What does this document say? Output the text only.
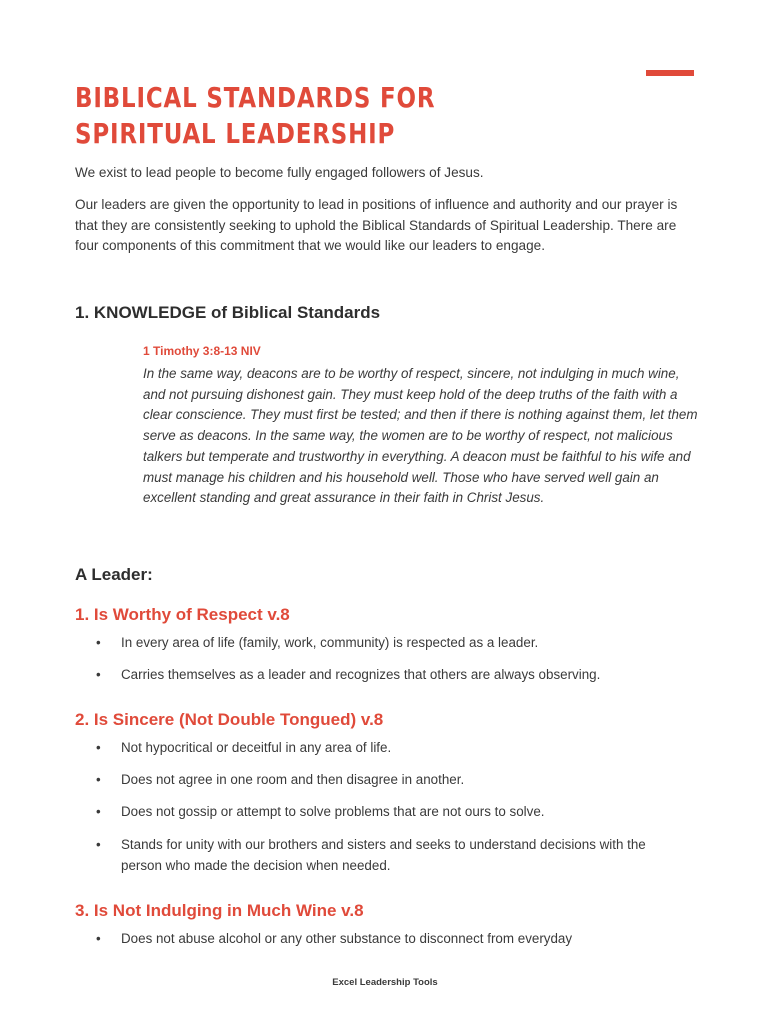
BIBLICAL STANDARDS FOR
SPIRITUAL LEADERSHIP

We exist to lead people to become fully engaged followers of Jesus.

Our leaders are given the opportunity to lead in positions of influence and authority and our prayer is that they are consistently seeking to uphold the Biblical Standards of Spiritual Leadership. There are four components of this commitment that we would like our leaders to engage.

1. KNOWLEDGE of Biblical Standards

1 Timothy 3:8-13 NIV

In the same way, deacons are to be worthy of respect, sincere, not indulging in much wine, and not pursuing dishonest gain. They must keep hold of the deep truths of the faith with a clear conscience. They must first be tested; and then if there is nothing against them, let them serve as deacons. In the same way, the women are to be worthy of respect, not malicious talkers but temperate and trustworthy in everything. A deacon must be faithful to his wife and must manage his children and his household well. Those who have served well gain an excellent standing and great assurance in their faith in Christ Jesus.

A Leader:
1. Is Worthy of Respect v.8
• In every area of life (family, work, community) is respected as a leader.
• Carries themselves as a leader and recognizes that others are always observing.
2. Is Sincere (Not Double Tongued) v.8
• Not hypocritical or deceitful in any area of life.
• Does not agree in one room and then disagree in another.
• Does not gossip or attempt to solve problems that are not ours to solve.
• Stands for unity with our brothers and sisters and seeks to understand decisions with the person who made the decision when needed.
3. Is Not Indulging in Much Wine v.8
• Does not abuse alcohol or any other substance to disconnect from everyday
Excel Leadership Tools
